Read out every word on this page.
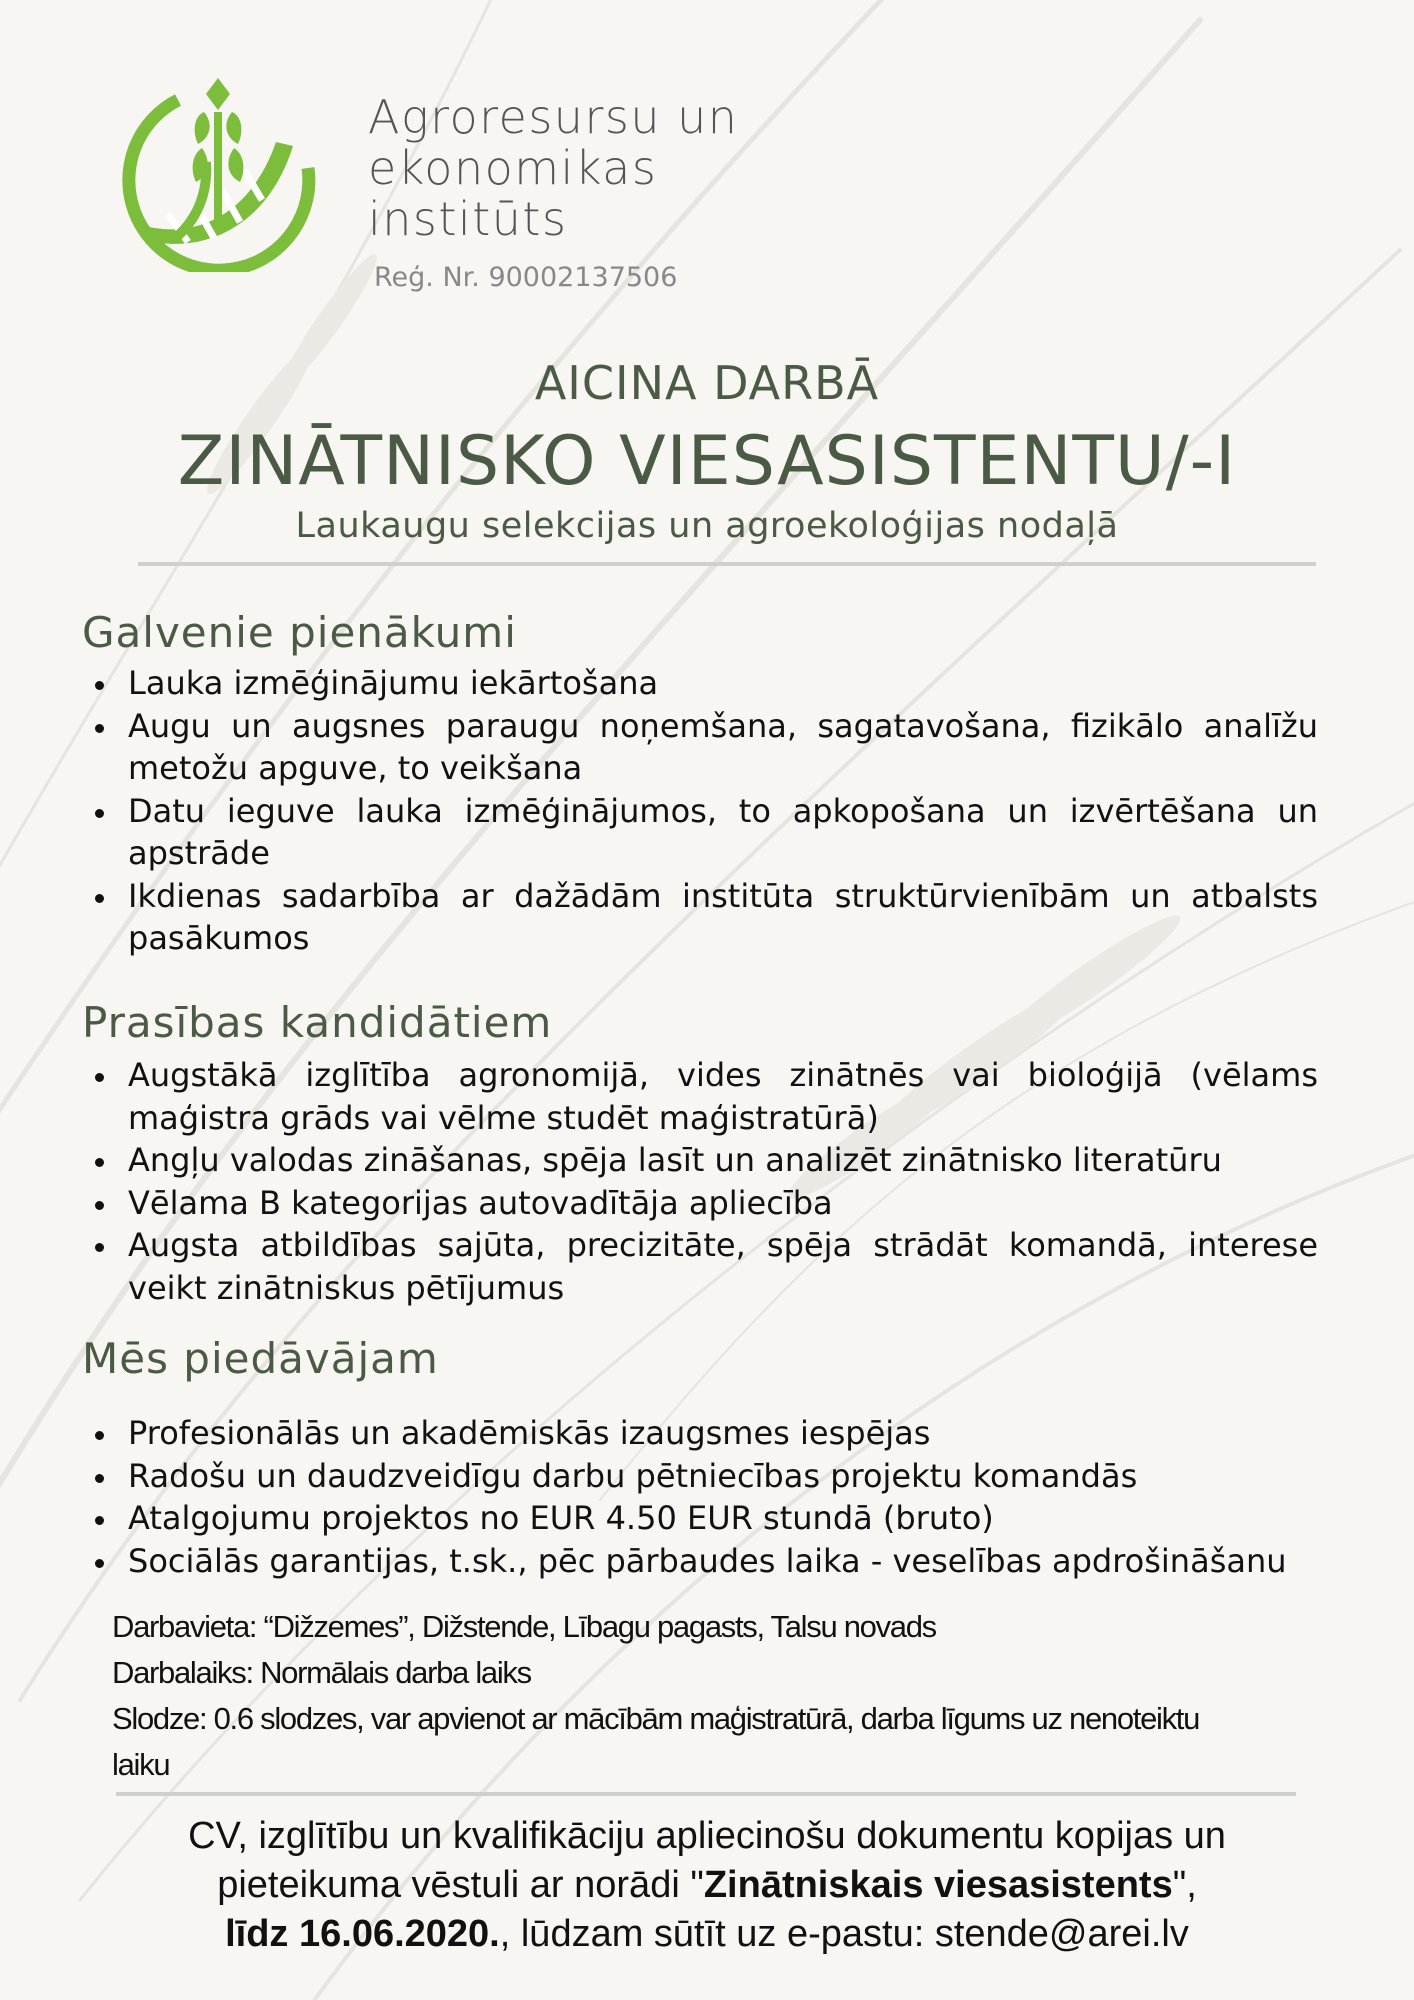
Agroresursu un
ekonomikas
institūts
Reģ. Nr. 90002137506
AICINA DARBĀ
ZINĀTNISKO VIESASISTENTU/-I
Laukaugu selekcijas un agroekoloģijas nodaļā
Galvenie pienākumi
Lauka izmēģinājumu iekārtošana
Augu un augsnes paraugu noņemšana, sagatavošana, fizikālo analīžu metožu apguve, to veikšana
Datu ieguve lauka izmēģinājumos, to apkopošana un izvērtēšana un apstrāde
Ikdienas sadarbība ar dažādām institūta struktūrvienībām un atbalsts pasākumos
Prasības kandidātiem
Augstākā izglītība agronomijā, vides zinātnēs vai bioloģijā (vēlams maģistra grāds vai vēlme studēt maģistratūrā)
Angļu valodas zināšanas, spēja lasīt un analizēt zinātnisko literatūru
Vēlama B kategorijas autovadītāja apliecība
Augsta atbildības sajūta, precizitāte, spēja strādāt komandā, interese veikt zinātniskus pētījumus
Mēs piedāvājam
Profesionālās un akadēmiskās izaugsmes iespējas
Radošu un daudzveidīgu darbu pētniecības projektu komandās
Atalgojumu projektos no EUR 4.50 EUR stundā (bruto)
Sociālās garantijas, t.sk., pēc pārbaudes laika - veselības apdrošināšanu
Darbavieta: “Dižzemes”, Dižstende, Lībagu pagasts, Talsu novads
Darbalaiks: Normālais darba laiks
Slodze: 0.6 slodzes, var apvienot ar mācībām maģistratūrā, darba līgums uz nenoteiktu laiku
CV, izglītību un kvalifikāciju apliecinošu dokumentu kopijas un
pieteikuma vēstuli ar norādi "Zinātniskais viesasistents",
līdz 16.06.2020., lūdzam sūtīt uz e-pastu: stende@arei.lv
